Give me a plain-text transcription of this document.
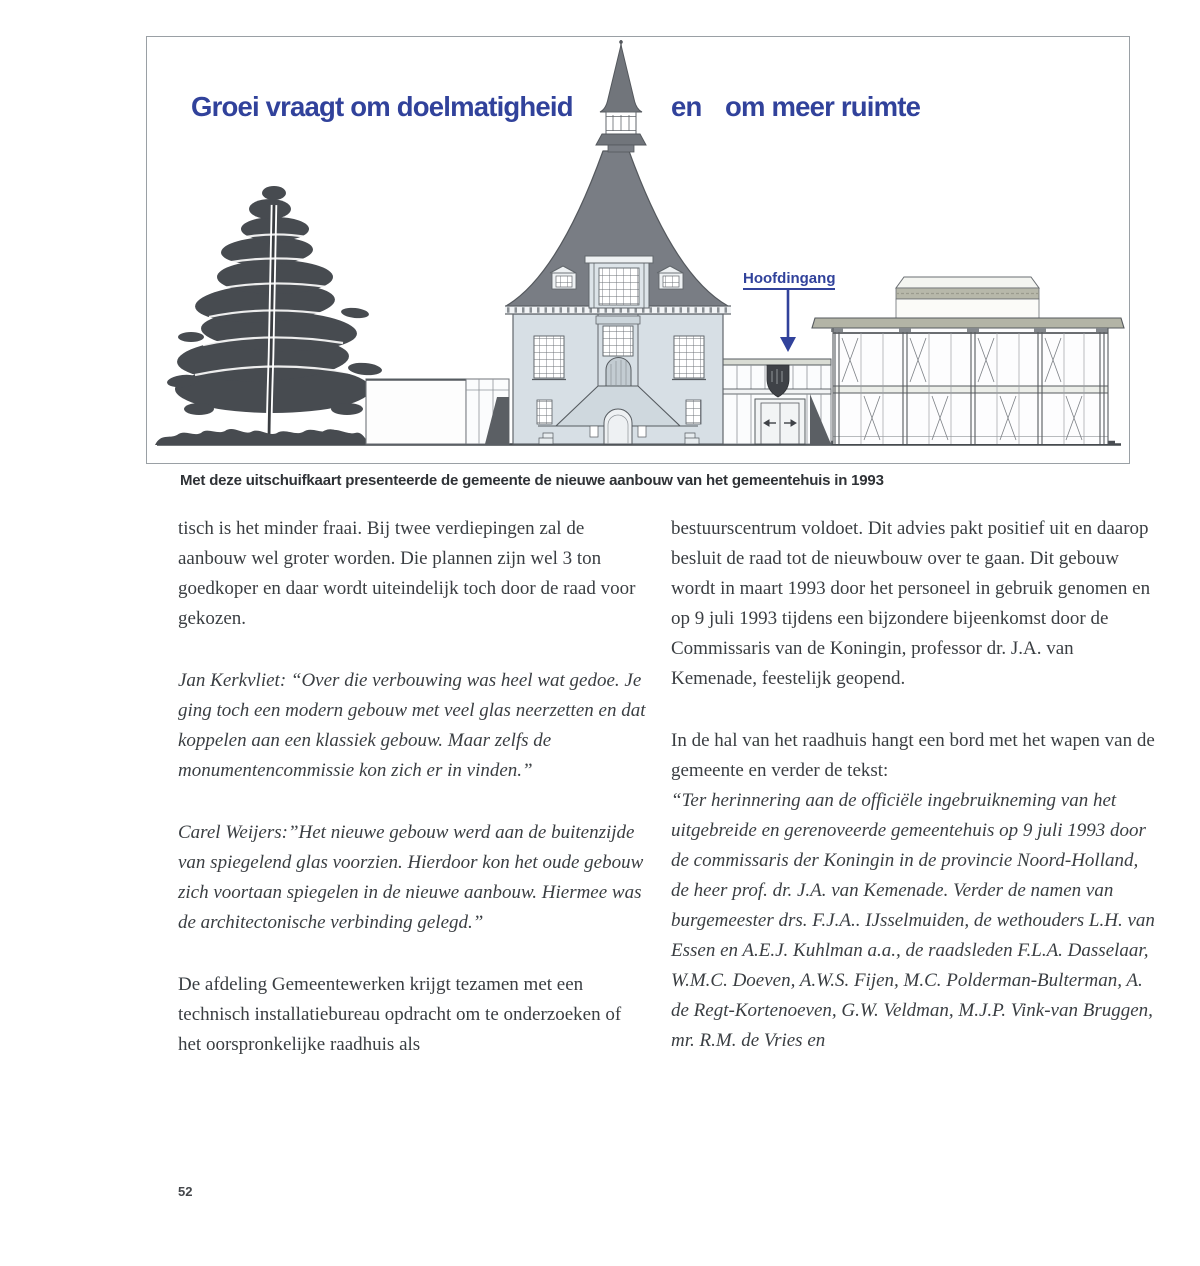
Groei vraagt om doelmatigheid	en om meer ruimte
Hoofdingang
Met deze uitschuifkaart presenteerde de gemeente de nieuwe aanbouw van het gemeentehuis in 1993

tisch is het minder fraai. Bij twee verdiepingen zal de aanbouw wel groter worden. Die plannen zijn wel 3 ton goedkoper en daar wordt uiteindelijk toch door de raad voor gekozen.

Jan Kerkvliet: “Over die verbouwing was heel wat gedoe. Je ging toch een modern gebouw met veel glas neerzetten en dat koppelen aan een klassiek gebouw. Maar zelfs de monumentencommissie kon zich er in vinden.”

Carel Weijers:”Het nieuwe gebouw werd aan de buitenzijde van spiegelend glas voorzien. Hierdoor kon het oude gebouw zich voortaan spiegelen in de nieuwe aanbouw. Hiermee was de architectonische verbinding gelegd.”

De afdeling Gemeentewerken krijgt tezamen met een technisch installatiebureau opdracht om te onderzoeken of het oorspronkelijke raadhuis als

bestuurscentrum voldoet. Dit advies pakt positief uit en daarop besluit de raad tot de nieuwbouw over te gaan. Dit gebouw wordt in maart 1993 door het personeel in gebruik genomen en op 9 juli 1993 tijdens een bijzondere bijeenkomst door de Commissaris van de Koningin, professor dr. J.A. van Kemenade, feestelijk geopend.

In de hal van het raadhuis hangt een bord met het wapen van de gemeente en verder de tekst:

“Ter herinnering aan de officiële ingebruikneming van het uitgebreide en gerenoveerde gemeentehuis op 9 juli 1993 door de commissaris der Koningin in de provincie Noord-Holland, de heer prof. dr. J.A. van Kemenade. Verder de namen van burgemeester drs. F.J.A.. IJsselmuiden, de wethouders L.H. van Essen en A.E.J. Kuhlman a.a., de raadsleden F.L.A. Dasselaar, W.M.C. Doeven, A.W.S. Fijen, M.C. Polderman-Bulterman, A. de Regt-Kortenoeven, G.W. Veldman, M.J.P. Vink-van Bruggen, mr. R.M. de Vries en

52
